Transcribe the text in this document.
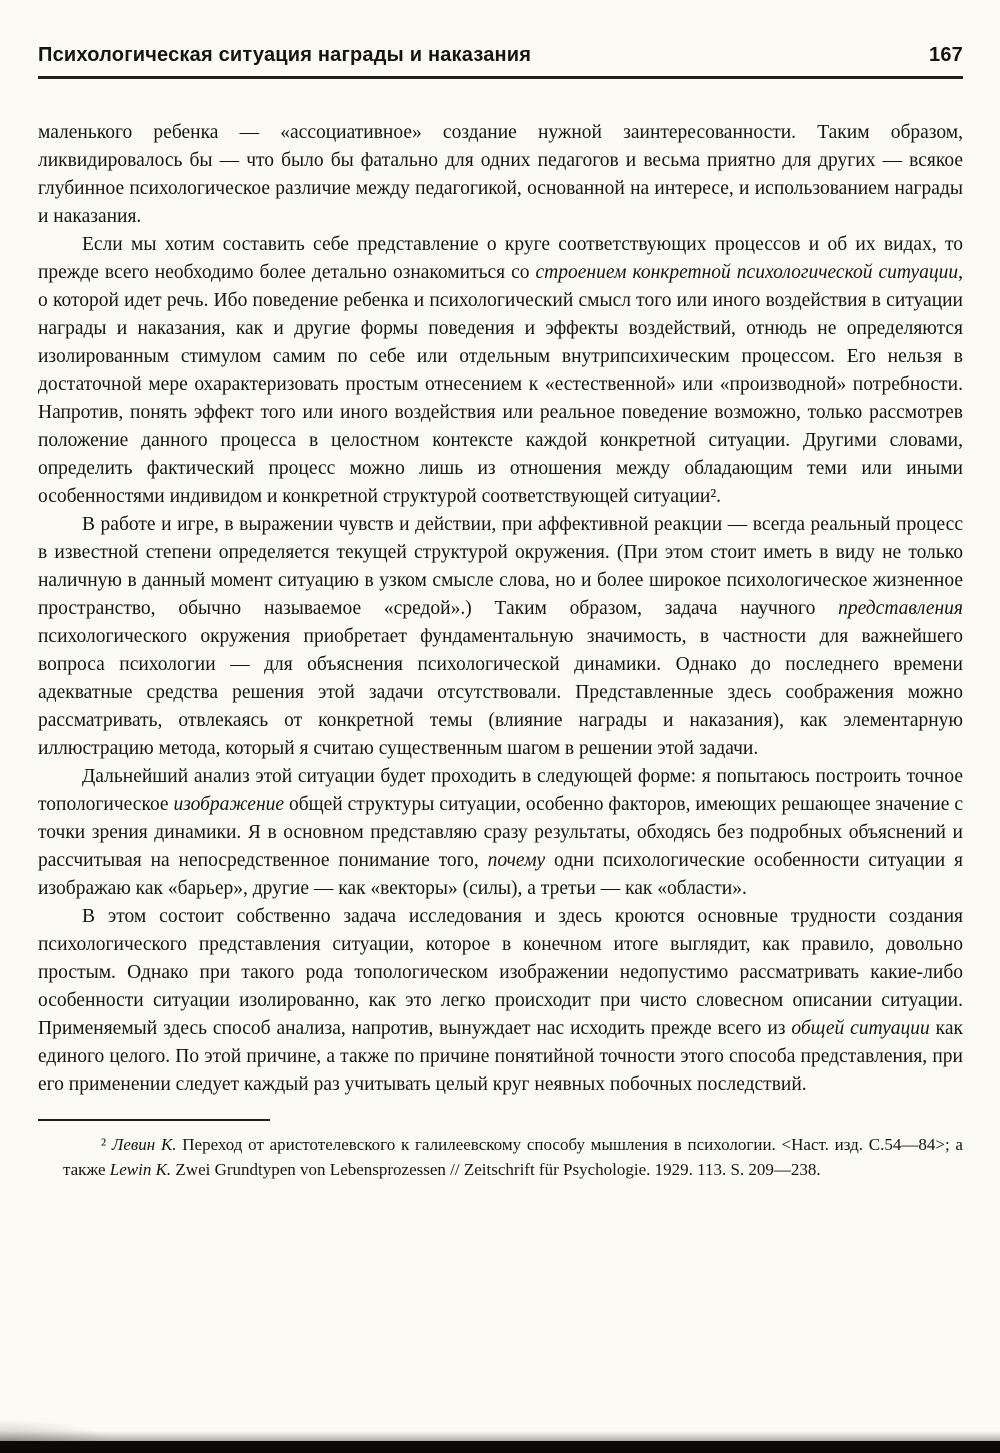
Психологическая ситуация награды и наказания	167

маленького ребенка — «ассоциативное» создание нужной заинтересованности. Таким образом, ликвидировалось бы — что было бы фатально для одних педагогов и весьма приятно для других — всякое глубинное психологическое различие между педагогикой, основанной на интересе, и использованием награды и наказания.

Если мы хотим составить себе представление о круге соответствующих процессов и об их видах, то прежде всего необходимо более детально ознакомиться со строением конкретной психологической ситуации, о которой идет речь. Ибо поведение ребенка и психологический смысл того или иного воздействия в ситуации награды и наказания, как и другие формы поведения и эффекты воздействий, отнюдь не определяются изолированным стимулом самим по себе или отдельным внутрипсихическим процессом. Его нельзя в достаточной мере охарактеризовать простым отнесением к «естественной» или «производной» потребности. Напротив, понять эффект того или иного воздействия или реальное поведение возможно, только рассмотрев положение данного процесса в целостном контексте каждой конкретной ситуации. Другими словами, определить фактический процесс можно лишь из отношения между обладающим теми или иными особенностями индивидом и конкретной структурой соответствующей ситуации².

В работе и игре, в выражении чувств и действии, при аффективной реакции — всегда реальный процесс в известной степени определяется текущей структурой окружения. (При этом стоит иметь в виду не только наличную в данный момент ситуацию в узком смысле слова, но и более широкое психологическое жизненное пространство, обычно называемое «средой».) Таким образом, задача научного представления психологического окружения приобретает фундаментальную значимость, в частности для важнейшего вопроса психологии — для объяснения психологической динамики. Однако до последнего времени адекватные средства решения этой задачи отсутствовали. Представленные здесь соображения можно рассматривать, отвлекаясь от конкретной темы (влияние награды и наказания), как элементарную иллюстрацию метода, который я считаю существенным шагом в решении этой задачи.

Дальнейший анализ этой ситуации будет проходить в следующей форме: я попытаюсь построить точное топологическое изображение общей структуры ситуации, особенно факторов, имеющих решающее значение с точки зрения динамики. Я в основном представляю сразу результаты, обходясь без подробных объяснений и рассчитывая на непосредственное понимание того, почему одни психологические особенности ситуации я изображаю как «барьер», другие — как «векторы» (силы), а третьи — как «области».

В этом состоит собственно задача исследования и здесь кроются основные трудности создания психологического представления ситуации, которое в конечном итоге выглядит, как правило, довольно простым. Однако при такого рода топологическом изображении недопустимо рассматривать какие-либо особенности ситуации изолированно, как это легко происходит при чисто словесном описании ситуации. Применяемый здесь способ анализа, напротив, вынуждает нас исходить прежде всего из общей ситуации как единого целого. По этой причине, а также по причине понятийной точности этого способа представления, при его применении следует каждый раз учитывать целый круг неявных побочных последствий.

² Левин К. Переход от аристотелевского к галилеевскому способу мышления в психологии. <Наст. изд. С.54—84>; а также Lewin K. Zwei Grundtypen von Lebensprozessen // Zeitschrift für Psychologie. 1929. 113. S. 209—238.
